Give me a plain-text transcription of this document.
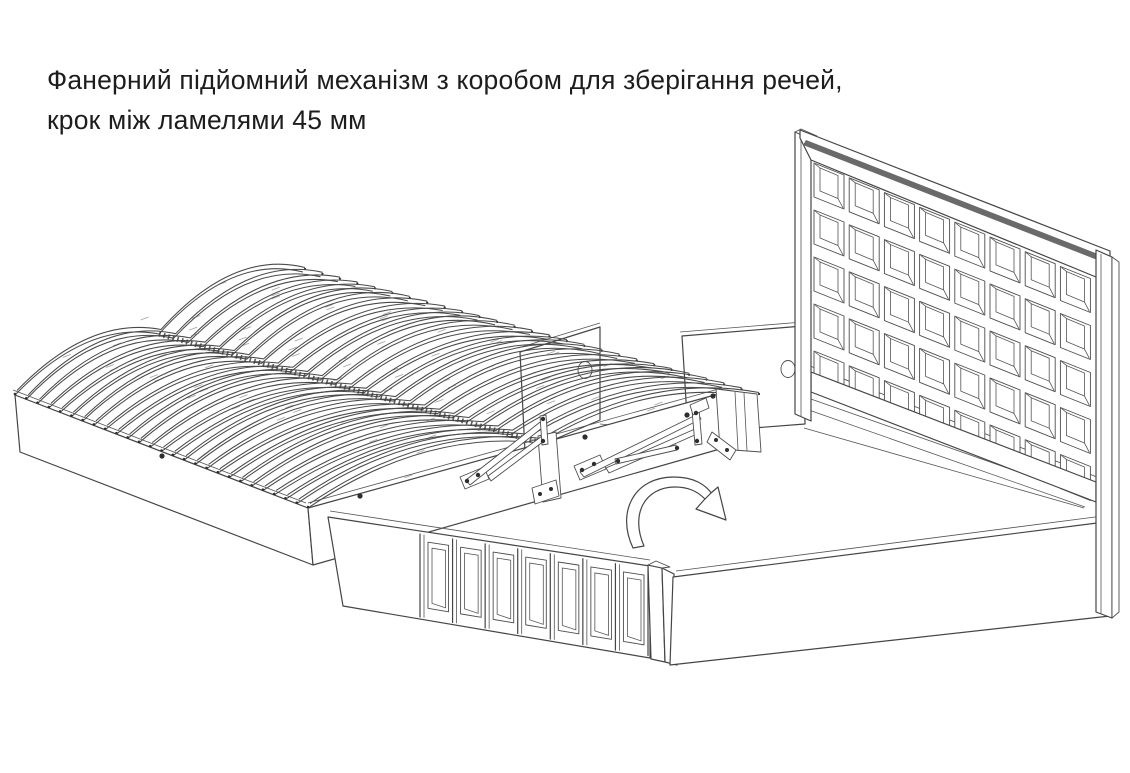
Фанерний підйомний механізм з коробом для зберігання речей,
крок між ламелями 45 мм
